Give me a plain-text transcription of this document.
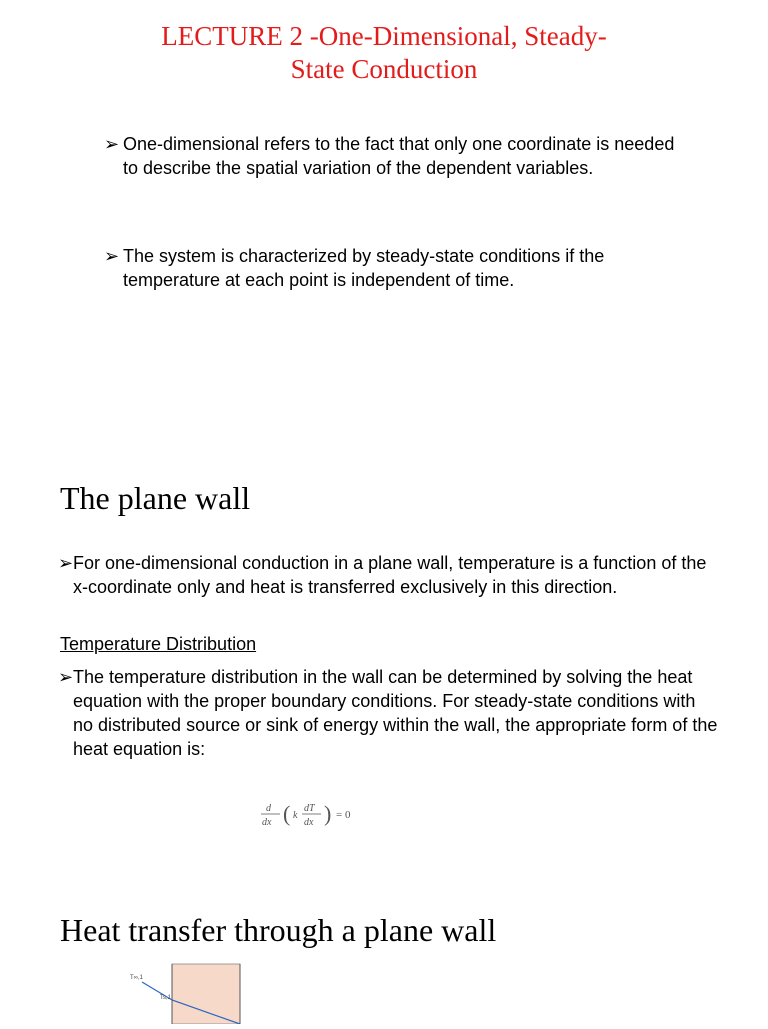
LECTURE 2 -One-Dimensional, Steady-
State Conduction
➢ One-dimensional refers to the fact that only one coordinate is needed to describe the spatial variation of the dependent variables.
➢ The system is characterized by steady-state conditions if the temperature at each point is independent of time.
The plane wall
➢ For one-dimensional conduction in a plane wall, temperature is a function of the x-coordinate only and heat is transferred exclusively in this direction.
Temperature Distribution
➢ The temperature distribution in the wall can be determined by solving the heat equation with the proper boundary conditions. For steady-state conditions with no distributed source or sink of energy within the wall, the appropriate form of the heat equation is:
d
dx ( k
dT
dx ) = 0
Heat transfer through a plane wall
T∞,1
Ts,1
